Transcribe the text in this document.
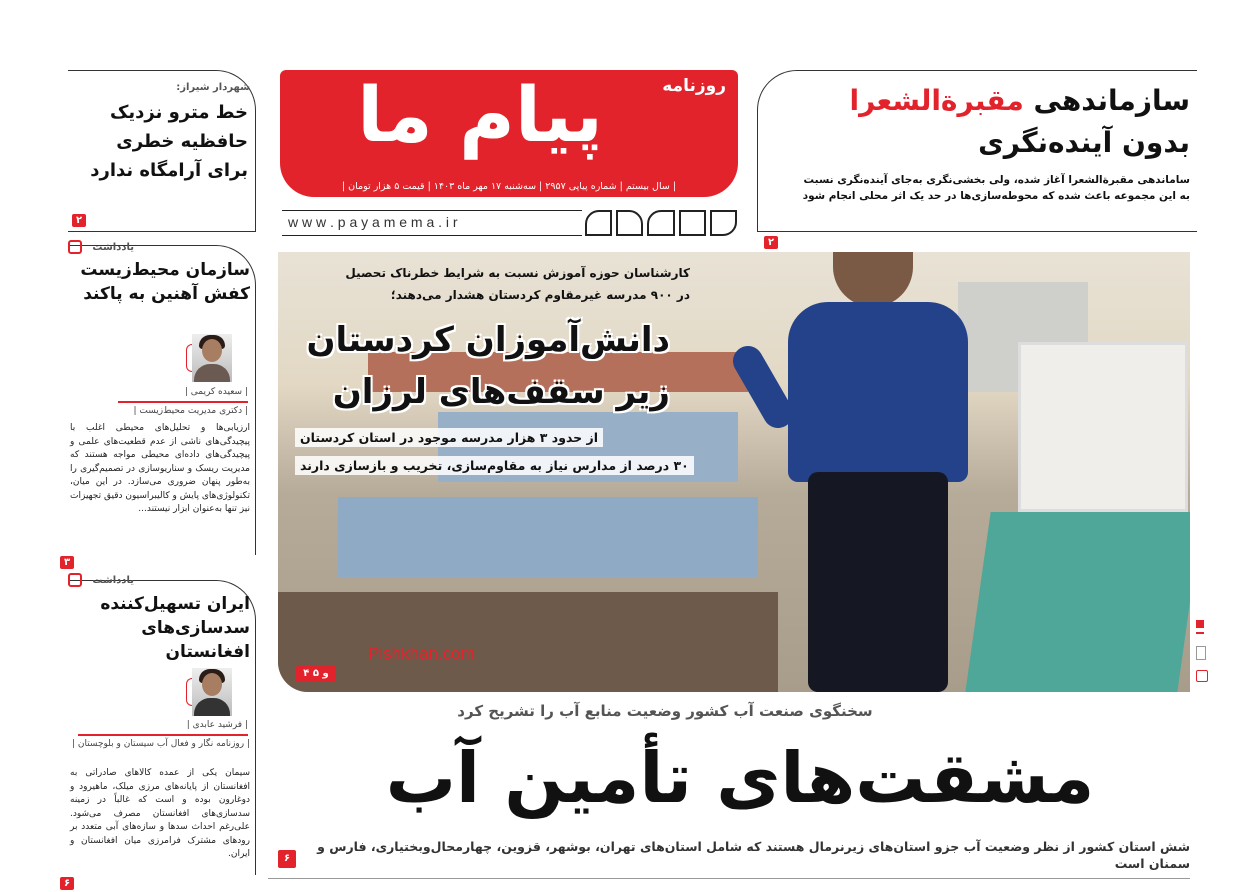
سازماندهی مقبرةالشعرا
بدون آینده‌نگری
ساماندهی مقبرةالشعرا آغاز شده، ولی بخشی‌نگری به‌جای آینده‌نگری نسبت به این مجموعه باعث شده که محوطه‌سازی‌ها در حد یک اثر محلی انجام شود
۲
روزنامه
پیام ما
| سال بیستم | شماره پیاپی ۲۹۵۷ | سه‌شنبه ۱۷ مهر ماه ۱۴۰۳ | قیمت ۵ هزار تومان |
w w w . p a y a m e m a . i r
شهردار شیراز:
خط مترو نزدیک حافظیه خطری برای آرامگاه ندارد
۲
یادداشت
سازمان محیط‌زیست کفش آهنین به پاکند
| سعیده کریمی |
| دکتری مدیریت محیط‌زیست |
ارزیابی‌ها و تحلیل‌های محیطی اغلب با پیچیدگی‌های ناشی از عدم قطعیت‌های علمی و پیچیدگی‌های داده‌ای محیطی مواجه هستند که مدیریت ریسک و سناریوسازی در تصمیم‌گیری را به‌طور پنهان ضروری می‌سازد. در این میان، تکنولوژی‌های پایش و کالیبراسیون دقیق تجهیزات نیز تنها به‌عنوان ابزار نیستند...
۳
یادداشت
ایران تسهیل‌کننده سدسازی‌های افغانستان
| فرشید عابدی |
| روزنامه نگار و فعال آب سیستان و بلوچستان |
سیمان یکی از عمده کالاهای صادراتی به افغانستان از پایانه‌های مرزی میلک، ماهیرود و دوغارون بوده و است که غالباً در زمینه سدسازی‌های افغانستان مصرف می‌شود. علی‌رغم احداث سدها و سازه‌های آبی متعدد بر رودهای مشترک فرامرزی میان افغانستان و ایران.
۶
Pishkhan.com
کارشناسان حوزه آموزش نسبت به شرایط خطرناک تحصیل
در ۹۰۰ مدرسه غیرمقاوم کردستان هشدار می‌دهند؛
دانش‌آموزان کردستان
زیر سقف‌های لرزان
از حدود ۳ هزار مدرسه موجود در استان کردستان
۳۰ درصد از مدارس نیاز به مقاوم‌سازی، تخریب و بازسازی دارند
۴ و ۵
سخنگوی صنعت آب کشور وضعیت منابع آب را تشریح کرد
مشقت‌های تأمین آب
شش استان کشور از نظر وضعیت آب جزو استان‌های زیرنرمال هستند که شامل استان‌های تهران، بوشهر، قزوین، چهارمحال‌وبختیاری، فارس و سمنان است
۶
